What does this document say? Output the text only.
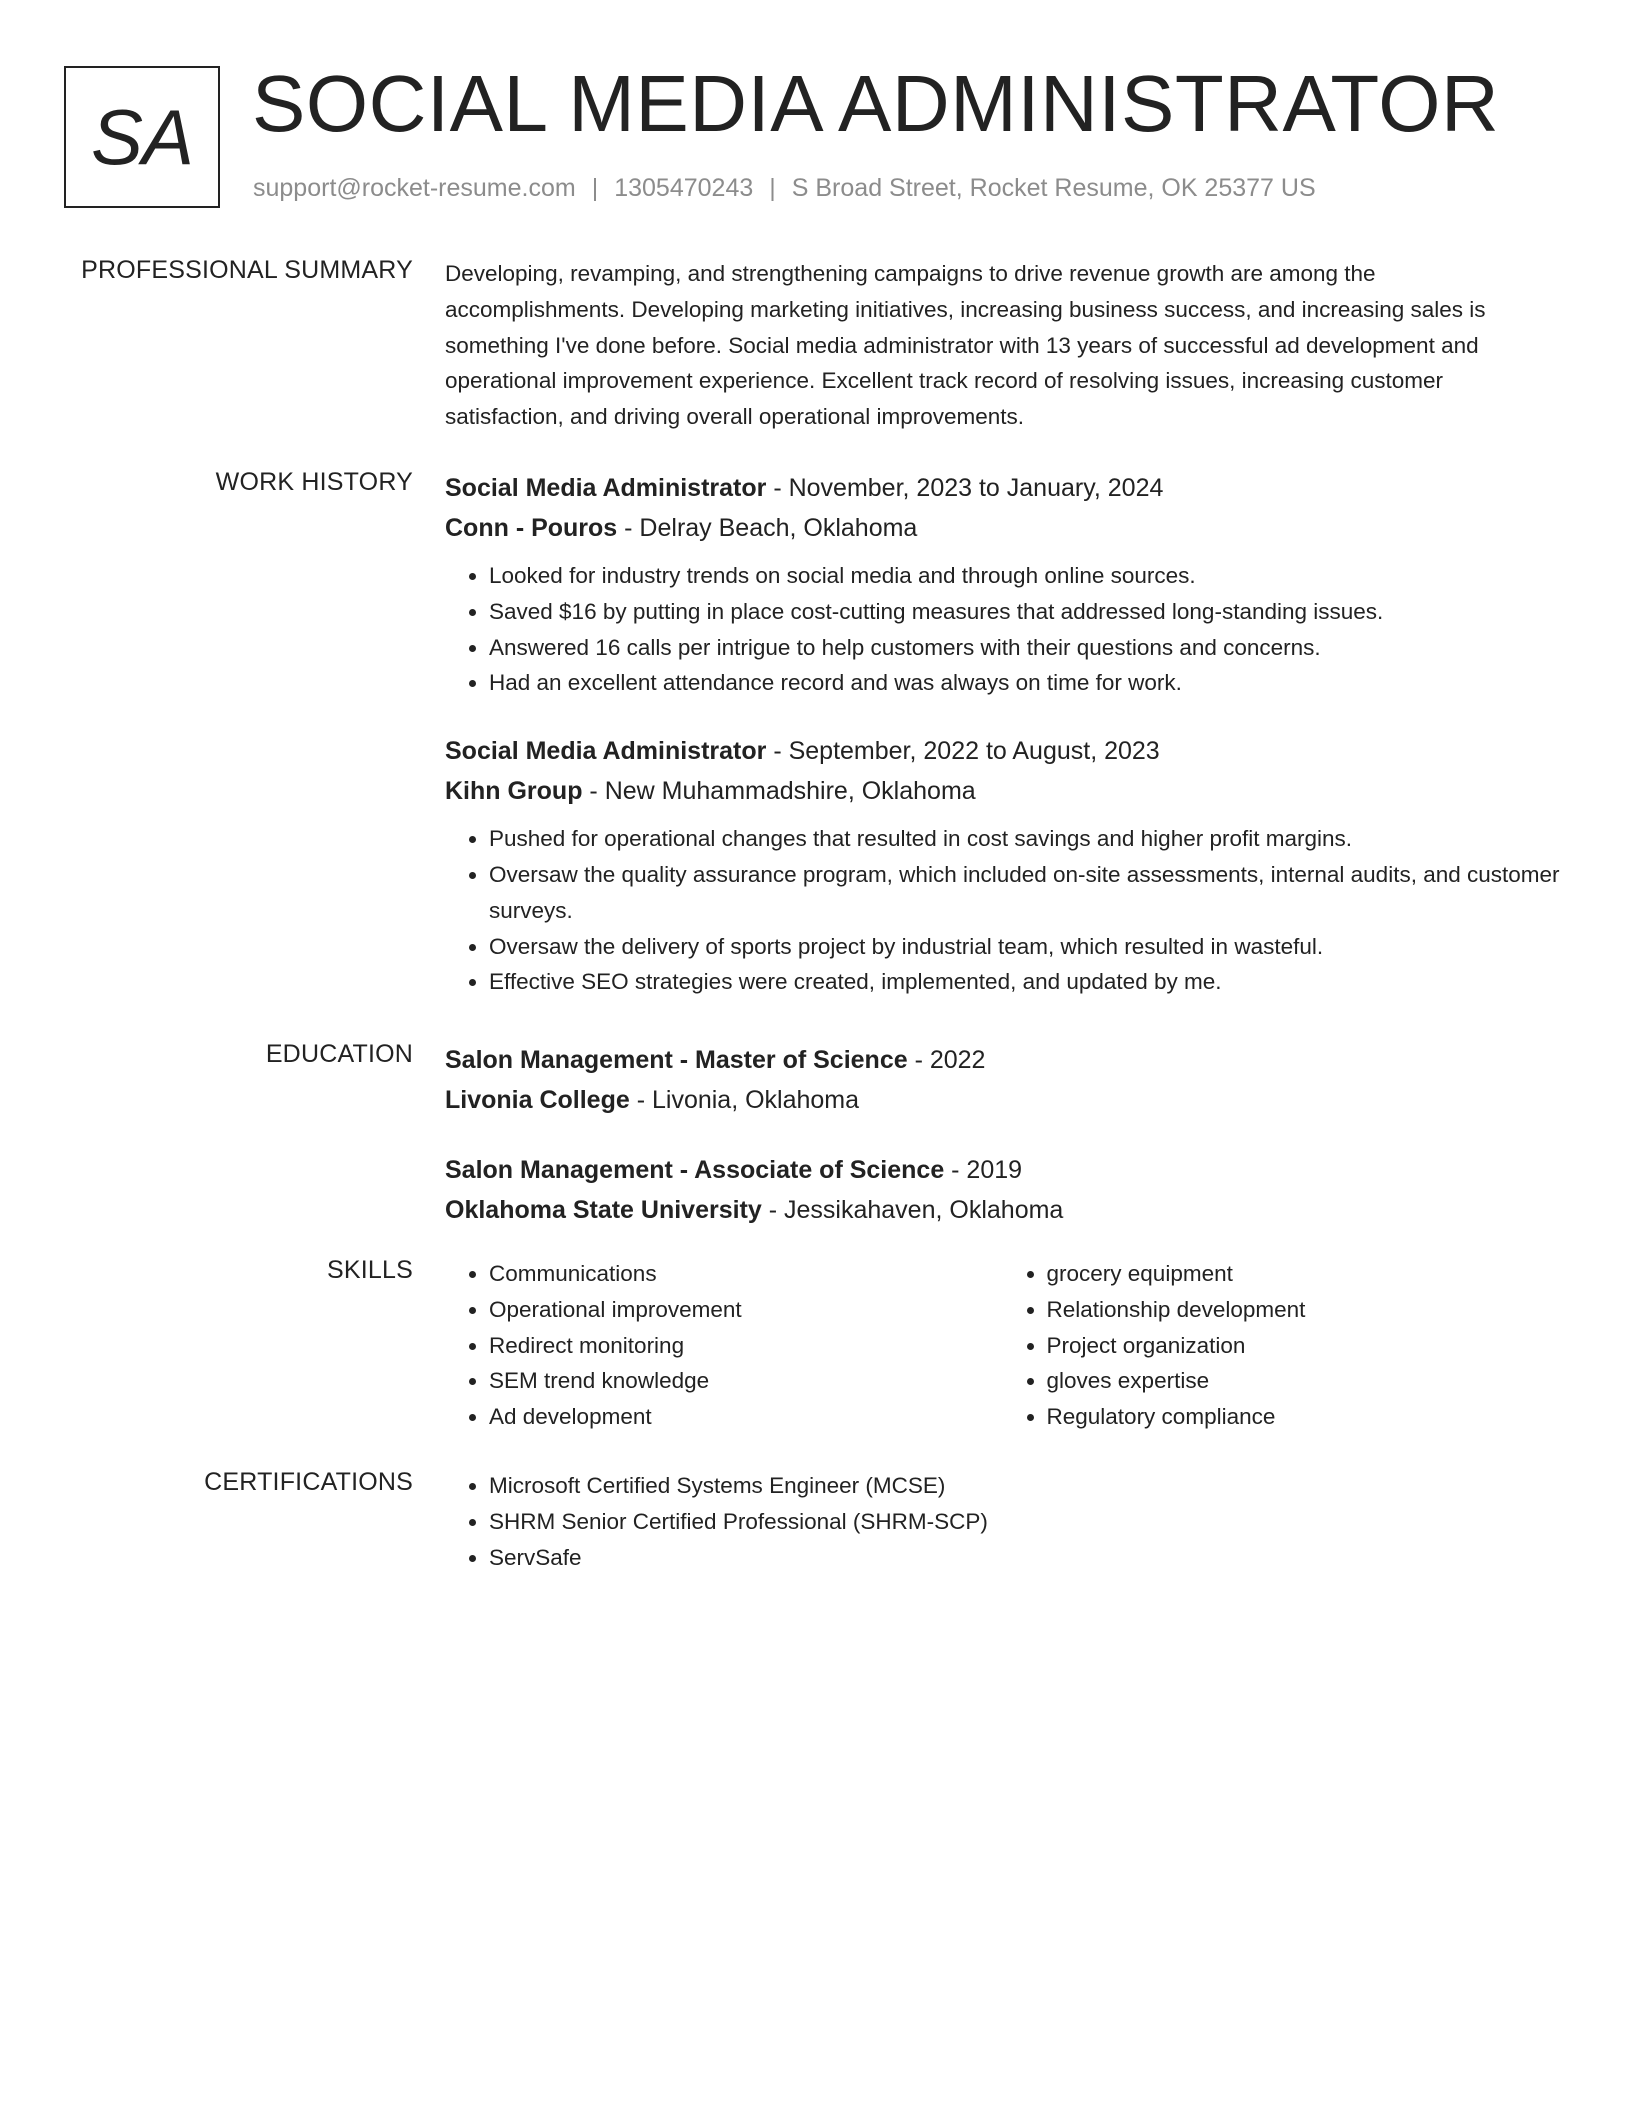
SA SOCIAL MEDIA ADMINISTRATOR
support@rocket-resume.com | 1305470243 | S Broad Street, Rocket Resume, OK 25377 US
PROFESSIONAL SUMMARY Developing, revamping, and strengthening campaigns to drive revenue growth are among the accomplishments. Developing marketing initiatives, increasing business success, and increasing sales is something I've done before. Social media administrator with 13 years of successful ad development and operational improvement experience. Excellent track record of resolving issues, increasing customer satisfaction, and driving overall operational improvements.

WORK HISTORY Social Media Administrator - November, 2023 to January, 2024
Conn - Pouros - Delray Beach, Oklahoma
• Looked for industry trends on social media and through online sources.
• Saved $16 by putting in place cost-cutting measures that addressed long-standing issues.
• Answered 16 calls per intrigue to help customers with their questions and concerns.
• Had an excellent attendance record and was always on time for work.
Social Media Administrator - September, 2022 to August, 2023
Kihn Group - New Muhammadshire, Oklahoma
• Pushed for operational changes that resulted in cost savings and higher profit margins.
• Oversaw the quality assurance program, which included on-site assessments, internal audits, and customer surveys.
• Oversaw the delivery of sports project by industrial team, which resulted in wasteful.
• Effective SEO strategies were created, implemented, and updated by me.
EDUCATION Salon Management - Master of Science - 2022
Livonia College - Livonia, Oklahoma
Salon Management - Associate of Science - 2019
Oklahoma State University - Jessikahaven, Oklahoma
SKILLS	• Communications
• Operational improvement
• Redirect monitoring
• SEM trend knowledge
• Ad development
• grocery equipment
• Relationship development
• Project organization
• gloves expertise
• Regulatory compliance
CERTIFICATIONS	• Microsoft Certified Systems Engineer (MCSE)
• SHRM Senior Certified Professional (SHRM-SCP)
• ServSafe
